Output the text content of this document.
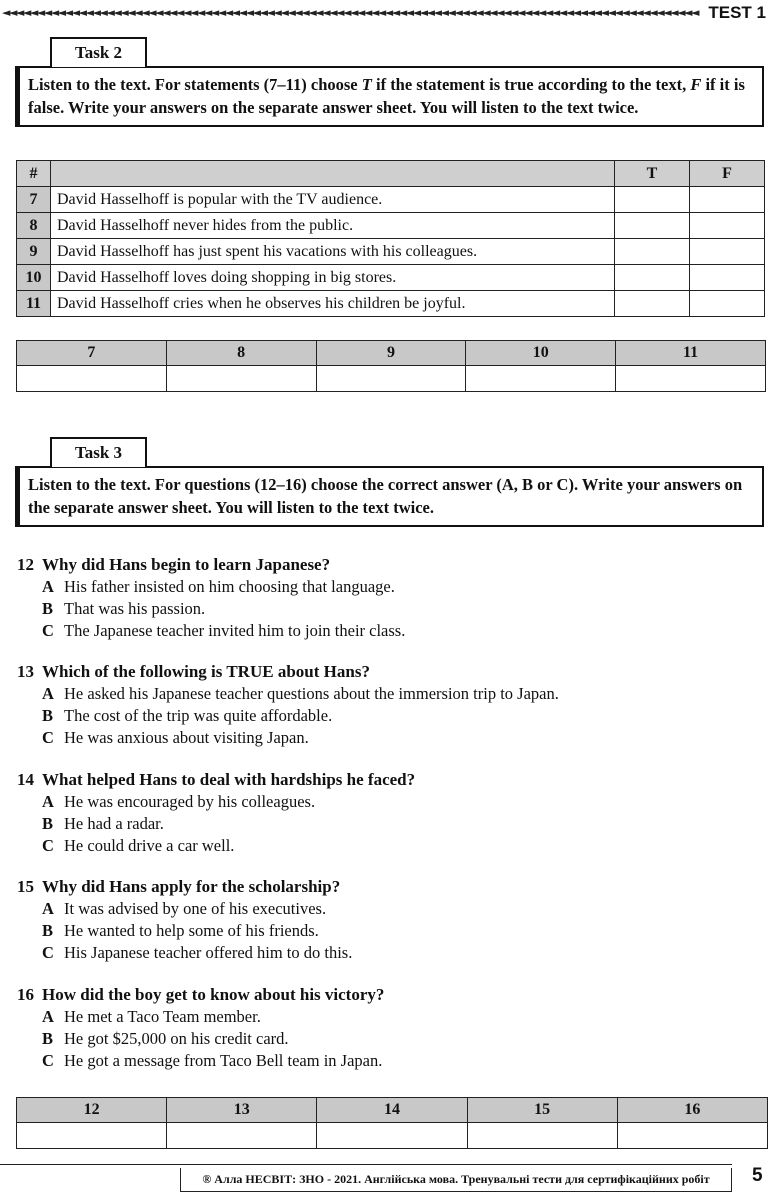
◄◄◄◄◄◄◄◄◄◄◄◄◄◄◄◄◄◄◄◄◄◄◄◄◄◄◄◄◄◄◄◄◄◄◄◄◄◄◄◄◄◄◄◄◄◄◄◄◄◄◄◄◄◄◄◄◄◄◄◄◄◄◄◄◄◄◄◄◄◄◄◄◄◄◄◄◄◄◄◄◄◄◄◄◄◄◄◄◄◄◄◄◄◄◄◄◄◄◄◄ TEST 1
Task 2
Listen to the text. For statements (7–11) choose T if the statement is true according to the text, F if it is false. Write your answers on the separate answer sheet. You will listen to the text twice.
#		T	F
7	David Hasselhoff is popular with the TV audience.		
8	David Hasselhoff never hides from the public.		
9	David Hasselhoff has just spent his vacations with his colleagues.		
10	David Hasselhoff loves doing shopping in big stores.		
11	David Hasselhoff cries when he observes his children be joyful.		
7	8	9	10	11

Task 3
Listen to the text. For questions (12–16) choose the correct answer (A, B or C). Write your answers on the separate answer sheet. You will listen to the text twice.
12 Why did Hans begin to learn Japanese?
A His father insisted on him choosing that language.
B That was his passion.
C The Japanese teacher invited him to join their class.
13 Which of the following is TRUE about Hans?
A He asked his Japanese teacher questions about the immersion trip to Japan.
B The cost of the trip was quite affordable.
C He was anxious about visiting Japan.
14 What helped Hans to deal with hardships he faced?
A He was encouraged by his colleagues.
B He had a radar.
C He could drive a car well.
15 Why did Hans apply for the scholarship?
A It was advised by one of his executives.
B He wanted to help some of his friends.
C His Japanese teacher offered him to do this.
16 How did the boy get to know about his victory?
A He met a Taco Team member.
B He got $25,000 on his credit card.
C He got a message from Taco Bell team in Japan.
12	13	14	15	16

® Алла НЕСВІТ: ЗНО - 2021. Англійська мова. Тренувальні тести для сертифікаційних робіт	5
